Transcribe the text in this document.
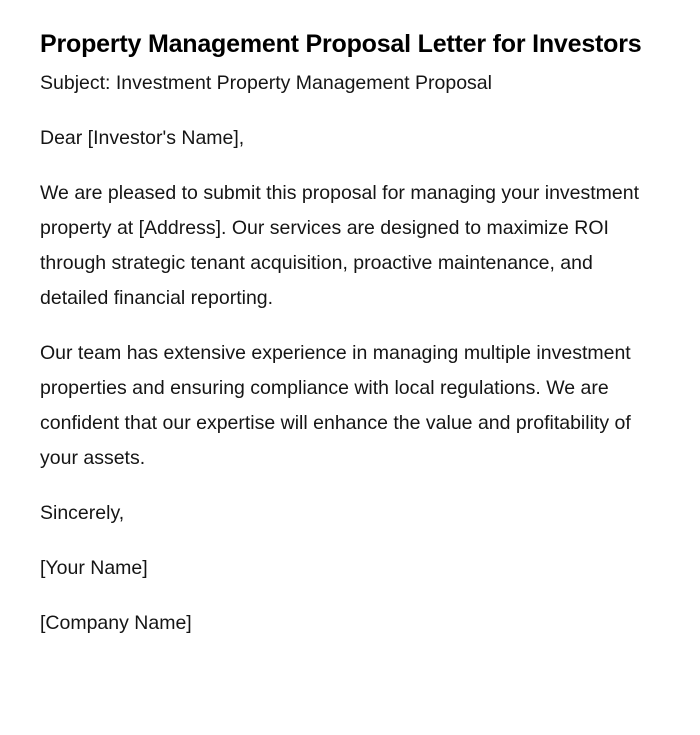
Property Management Proposal Letter for Investors

Subject: Investment Property Management Proposal

Dear [Investor's Name],

We are pleased to submit this proposal for managing your investment property at [Address]. Our services are designed to maximize ROI through strategic tenant acquisition, proactive maintenance, and detailed financial reporting.

Our team has extensive experience in managing multiple investment properties and ensuring compliance with local regulations. We are confident that our expertise will enhance the value and profitability of your assets.

Sincerely,

[Your Name]

[Company Name]
